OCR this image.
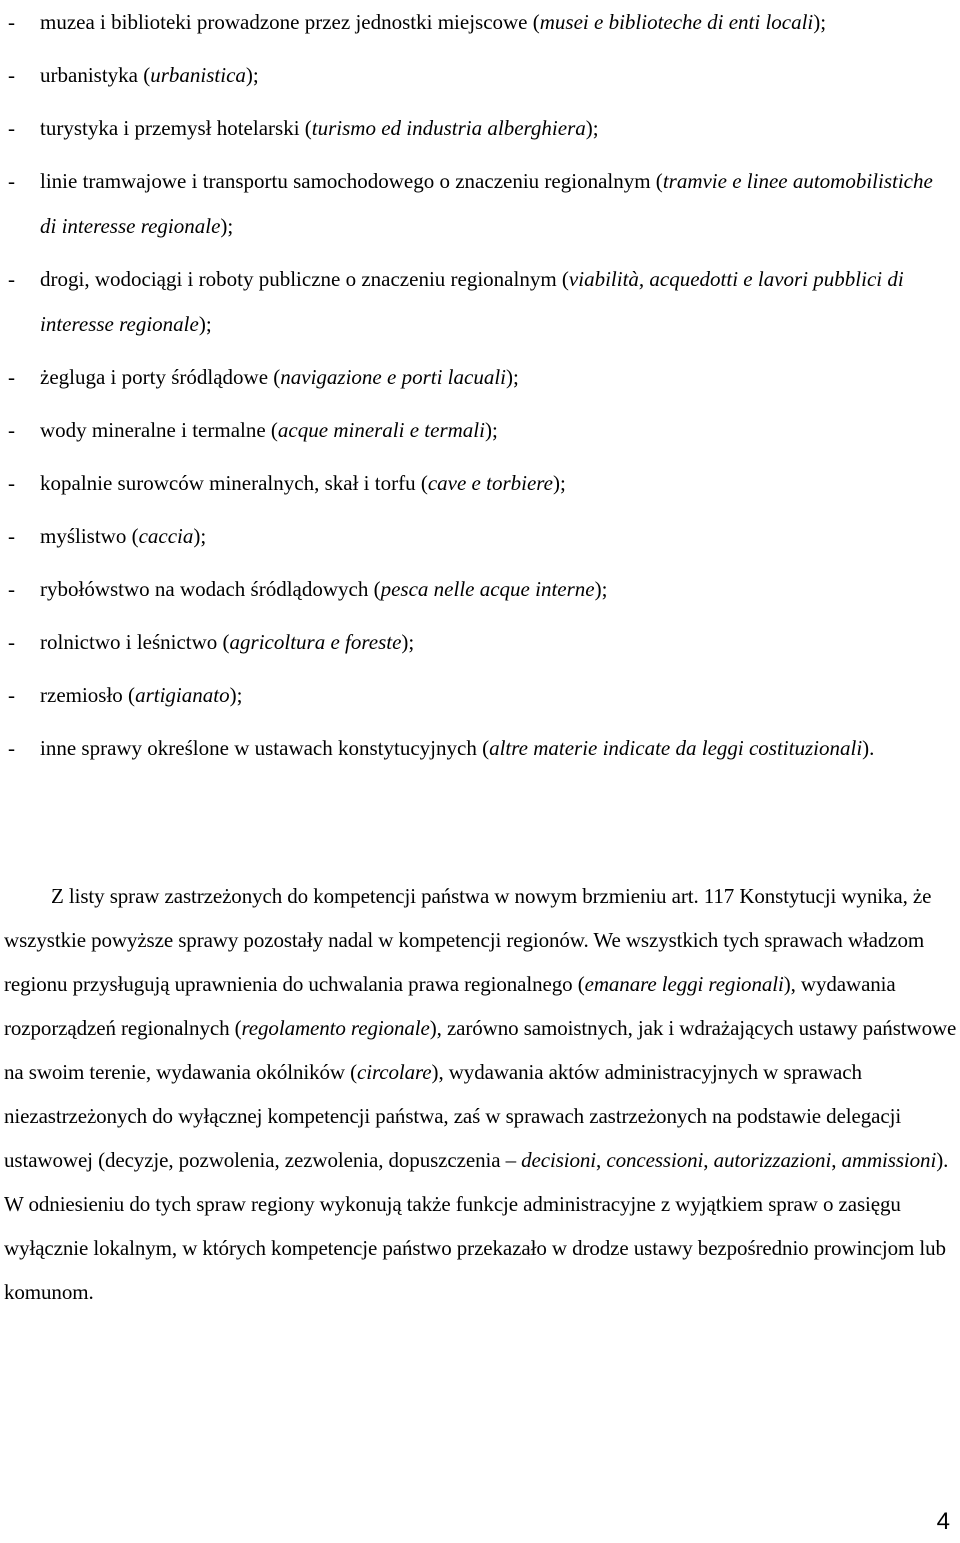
- muzea i biblioteki prowadzone przez jednostki miejscowe (musei e biblioteche di enti locali);
- urbanistyka (urbanistica);
- turystyka i przemysł hotelarski (turismo ed industria alberghiera);
- linie tramwajowe i transportu samochodowego o znaczeniu regionalnym (tramvie e linee automobilistiche di interesse regionale);
- drogi, wodociągi i roboty publiczne o znaczeniu regionalnym (viabilità, acquedotti e lavori pubblici di interesse regionale);
- żegluga i porty śródlądowe (navigazione e porti lacuali);
- wody mineralne i termalne (acque minerali e termali);
- kopalnie surowców mineralnych, skał i torfu (cave e torbiere);
- myślistwo (caccia);
- rybołówstwo na wodach śródlądowych (pesca nelle acque interne);
- rolnictwo i leśnictwo (agricoltura e foreste);
- rzemiosło (artigianato);
- inne sprawy określone w ustawach konstytucyjnych (altre materie indicate da leggi costituzionali).

Z listy spraw zastrzeżonych do kompetencji państwa w nowym brzmieniu art. 117 Konstytucji wynika, że wszystkie powyższe sprawy pozostały nadal w kompetencji regionów. We wszystkich tych sprawach władzom regionu przysługują uprawnienia do uchwalania prawa regionalnego (emanare leggi regionali), wydawania rozporządzeń regionalnych (regolamento regionale), zarówno samoistnych, jak i wdrażających ustawy państwowe na swoim terenie, wydawania okólników (circolare), wydawania aktów administracyjnych w sprawach niezastrzeżonych do wyłącznej kompetencji państwa, zaś w sprawach zastrzeżonych na podstawie delegacji ustawowej (decyzje, pozwolenia, zezwolenia, dopuszczenia – decisioni, concessioni, autorizzazioni, ammissioni). W odniesieniu do tych spraw regiony wykonują także funkcje administracyjne z wyjątkiem spraw o zasięgu wyłącznie lokalnym, w których kompetencje państwo przekazało w drodze ustawy bezpośrednio prowincjom lub komunom.

4
